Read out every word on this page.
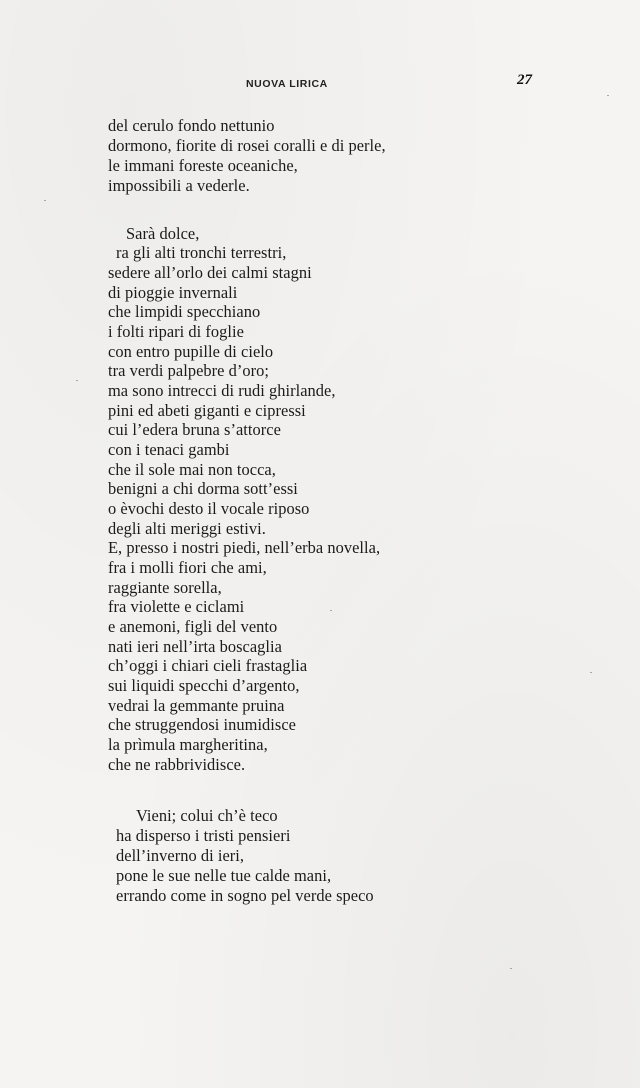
NUOVA LIRICA	27
del cerulo fondo nettunio
dormono, fiorite di rosei coralli e di perle,
le immani foreste oceaniche,
impossibili a vederle.
Sarà dolce,
ra gli alti tronchi terrestri,
sedere all’orlo dei calmi stagni
di pioggie invernali
che limpidi specchiano
i folti ripari di foglie
con entro pupille di cielo
tra verdi palpebre d’oro;
ma sono intrecci di rudi ghirlande,
pini ed abeti giganti e cipressi
cui l’edera bruna s’attorce
con i tenaci gambi
che il sole mai non tocca,
benigni a chi dorma sott’essi
o èvochi desto il vocale riposo
degli alti meriggi estivi.
E, presso i nostri piedi, nell’erba novella,
fra i molli fiori che ami,
raggiante sorella,
fra violette e ciclami
e anemoni, figli del vento
nati ieri nell’irta boscaglia
ch’oggi i chiari cieli frastaglia
sui liquidi specchi d’argento,
vedrai la gemmante pruina
che struggendosi inumidisce
la prìmula margheritina,
che ne rabbrividisce.
Vieni; colui ch’è teco
ha disperso i tristi pensieri
dell’inverno di ieri,
pone le sue nelle tue calde mani,
errando come in sogno pel verde speco
